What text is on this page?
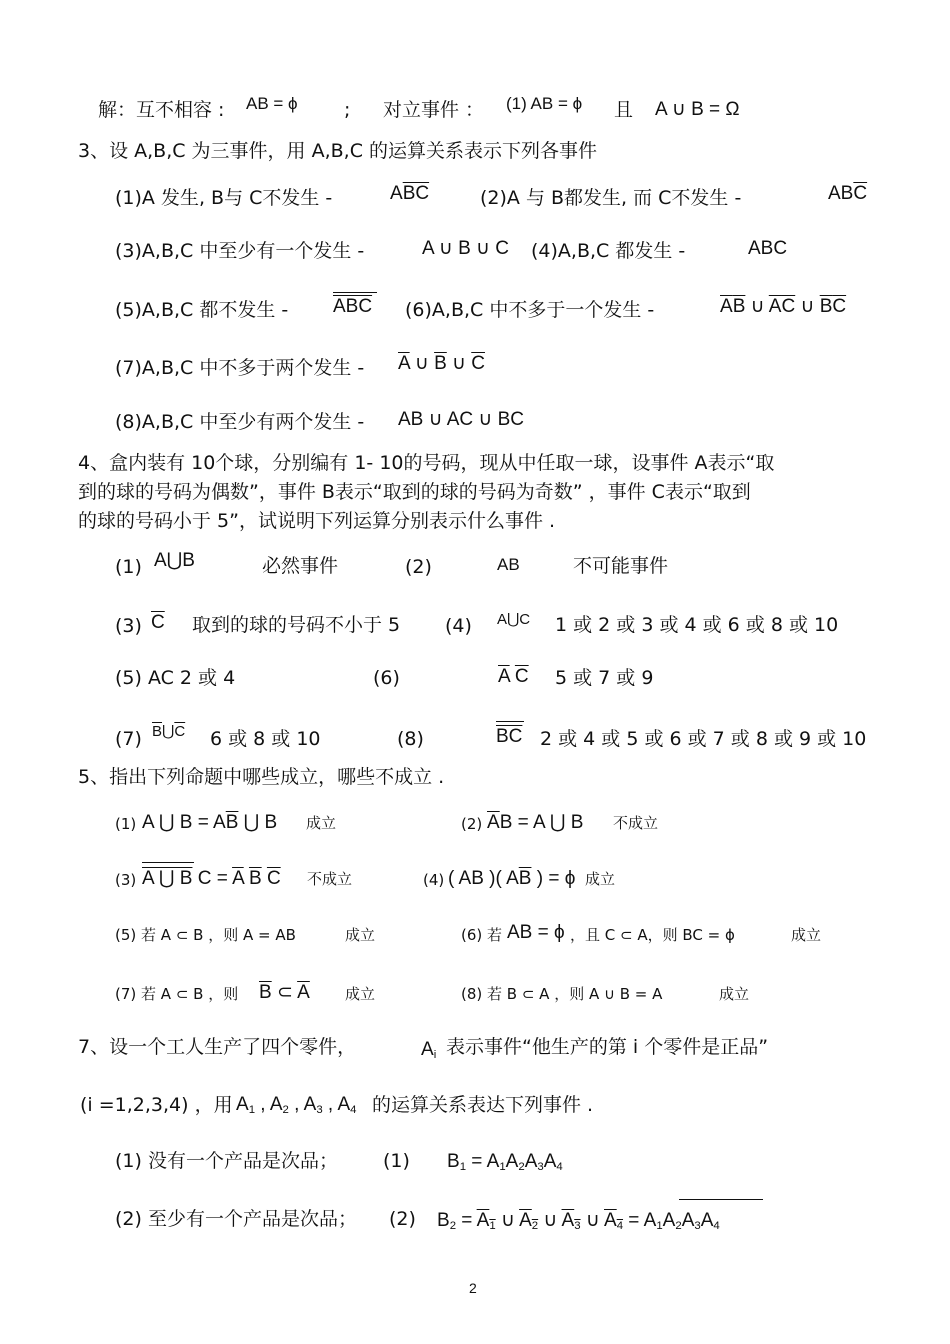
解：互不相容 : AB = ϕ ; 对立事件 ： (1) AB = ϕ 且 A ∪ B = Ω
3、设 A,B,C 为三事件，用 A,B,C 的运算关系表示下列各事件
(1)A 发生, B与 C不发生 -	$A\overline{BC}$	(2)A 与 B都发生, 而 C不发生 -	$AB\overline{C}$
(3)A,B,C 中至少有一个发生 -	A ∪ B ∪ C (4)A,B,C 都发生 -	ABC
(5)A,B,C 都不发生 - $\overline{ABC}$ (6)A,B,C 中不多于一个发生 -	$\overline{A}\overline{B}$ ∪ $\overline{A}\overline{C}$ ∪ $\overline{B}\overline{C}$
(7)A,B,C 中不多于两个发生 - $\overline{A}$ ∪ $\overline{B}$ ∪ $\overline{C}$
(8)A,B,C 中至少有两个发生 - AB ∪ AC ∪ BC
4、盒内装有 10个球，分别编有 1- 10的号码，现从中任取一球，设事件 A表示“取
到的球的号码为偶数”，事件 B表示“取到的球的号码为奇数” ，事件 C表示“取到
的球的号码小于 5”，试说明下列运算分别表示什么事件 .
(1) A⋃B	必然事件	(2)	AB	不可能事件
(3) $\overline{C}$ 取到的球的号码不小于 5 (4) A⋃C 1 或 2 或 3 或 4 或 6 或 8 或 10
(5) AC 2 或 4	(6)	$\overline{A}$ $\overline{C}$ 5 或 7 或 9
(7) $\overline{B}⋃\overline{C}$ 6 或 8 或 10	(8)	$\overline{BC}$ 2 或 4 或 5 或 6 或 7 或 8 或 9 或 10
5、指出下列命题中哪些成立，哪些不成立 .
(1) A ⋃ $B = A\overline{B}$ ⋃ B 成立	(2) $\overline{A}B = A$ ⋃ B 不成立
(3) A ⋃ B $C = \overline{A}$ $\overline{B}$ $\overline{C}$ 不成立	(4) ( AB )( $A\overline{B}$ ) = ϕ 成立
(5) 若 A ⊂ B ，则 A = AB	成立	(6) 若 AB = ϕ ，且 C ⊂ A，则 BC = ϕ	成立
(7) 若 A ⊂ B ，则 $\overline{B}$ ⊂ $\overline{A}$ 成立	(8) 若 B ⊂ A ，则 A ∪ B = A	成立
7、设一个工人生产了四个零件，	$A_i$ 表示事件“他生产的第 i 个零件是正品”
(i =1,2,3,4) ，用 $A_1$ , $A_2$ , $A_3$ , $A_4$ 的运算关系表达下列事件 .
(1) 没有一个产品是次品； (1) $B_1 = A_1A_2A_3A_4$
(2) 至少有一个产品是次品； (2) $B_2 = A_1$ ∪ $A_2$ ∪ $A_3$ ∪ $A_4 = A_1A_2A_3A_4$
2
